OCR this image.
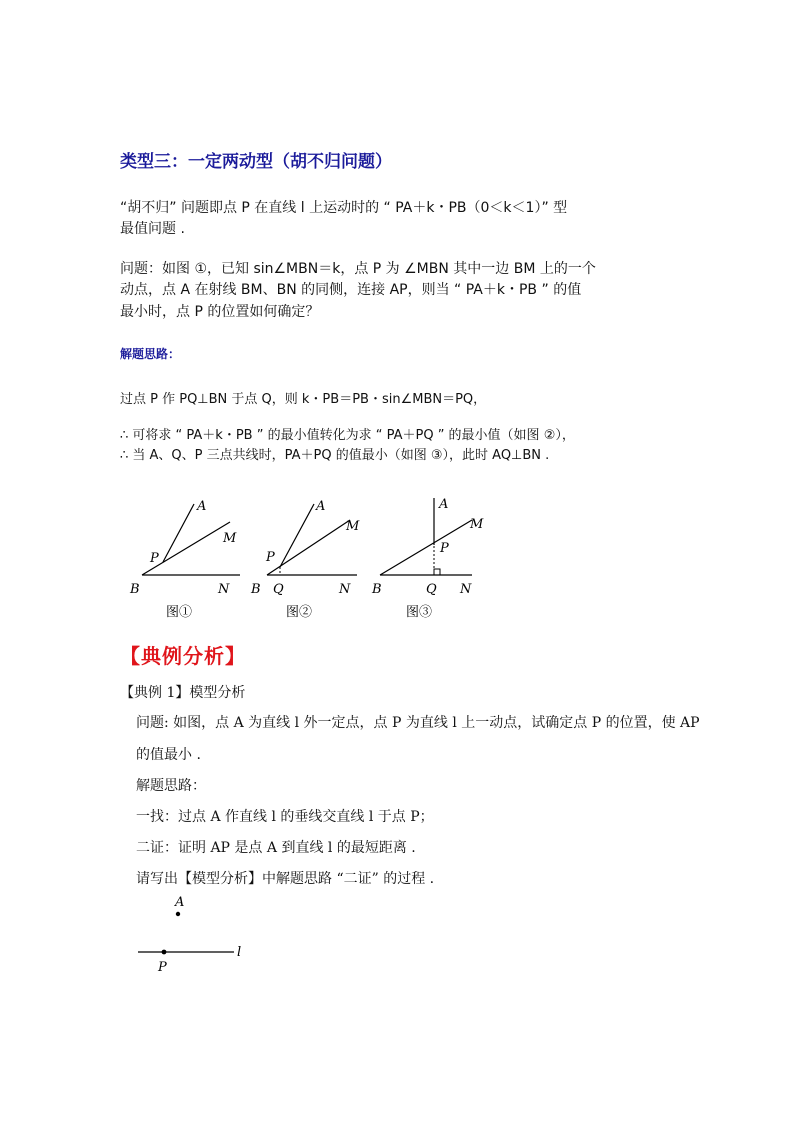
类型三：一定两动型（胡不归问题）
“胡不归” 问题即点 P 在直线 l 上运动时的 “ PA＋k・PB（0＜k＜1）” 型
最值问题 .
问题：如图 ①，已知 sin∠MBN＝k，点 P 为 ∠MBN 其中一边 BM 上的一个
动点，点 A 在射线 BM、BN 的同侧，连接 AP，则当 “ PA＋k・PB ” 的值
最小时，点 P 的位置如何确定？
解题思路：
过点 P 作 PQ⊥BN 于点 Q，则 k・PB＝PB・sin∠MBN＝PQ，
∴ 可将求 “ PA＋k・PB ” 的最小值转化为求 “ PA＋PQ ” 的最小值（如图 ②），
∴ 当 A、Q、P 三点共线时，PA＋PQ 的值最小（如图 ③），此时 AQ⊥BN .
A
M
P
B	N
图①
A
M
P
B Q	N
图②
A
M
P
B	Q N
图③
【典例分析】
【典例 1】模型分析
问题: 如图，点 A 为直线 l 外一定点，点 P 为直线 l 上一动点，试确定点 P 的位置，使 AP
的值最小 .
解题思路：
一找：过点 A 作直线 l 的垂线交直线 l 于点 P；
二证：证明 AP 是点 A 到直线 l 的最短距离 .
请写出【模型分析】中解题思路 “二证” 的过程 .
A
P
l
